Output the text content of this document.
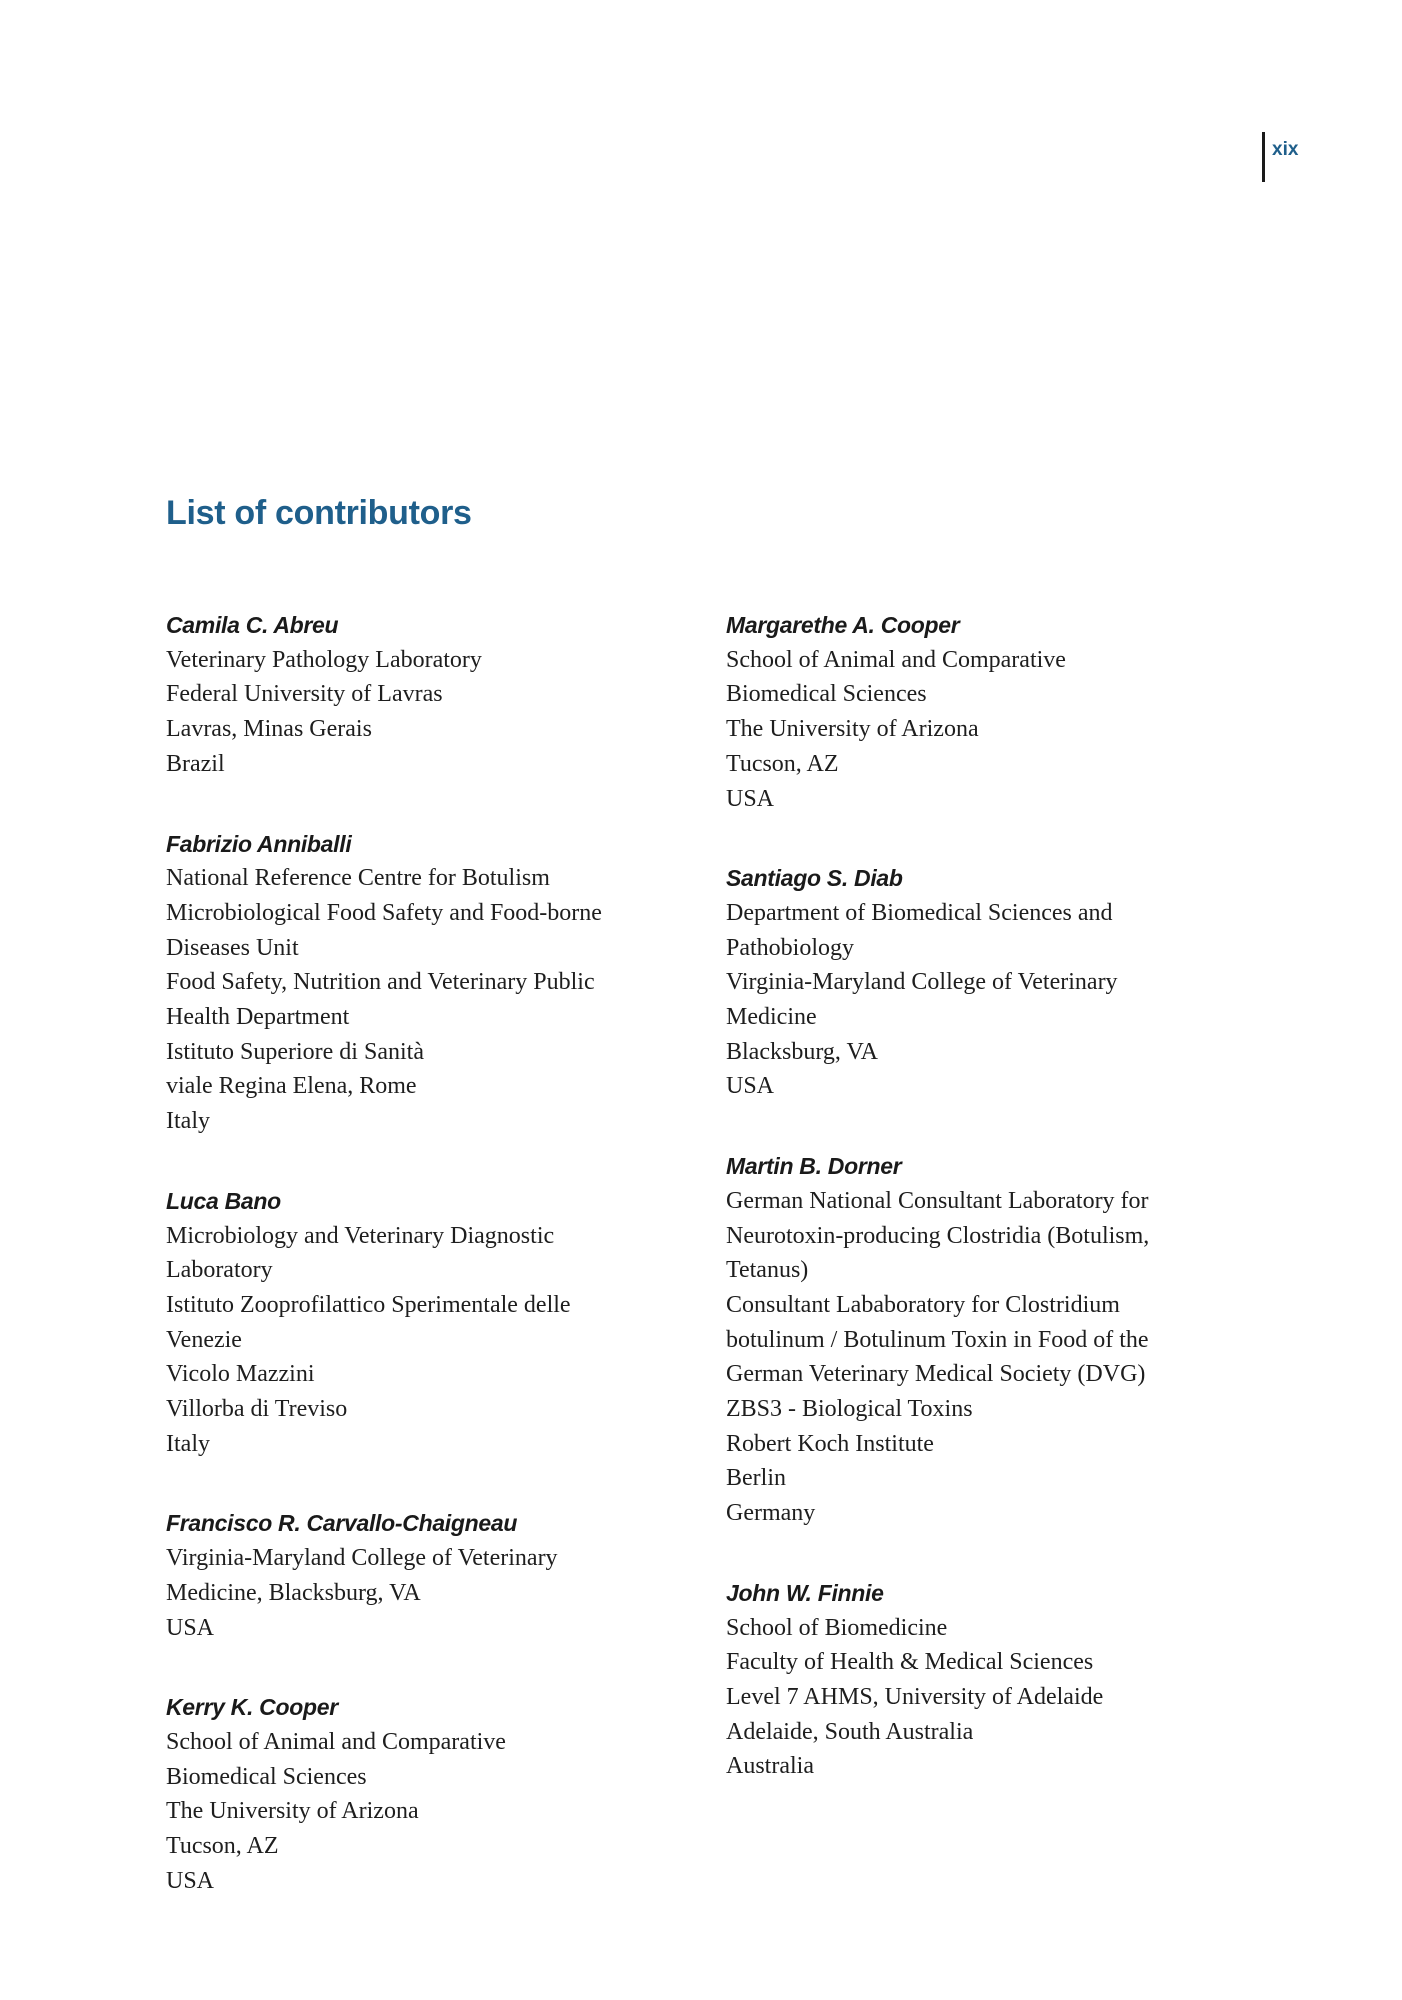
xix
List of contributors
Camila C. Abreu
Veterinary Pathology Laboratory
Federal University of Lavras
Lavras, Minas Gerais
Brazil
Fabrizio Anniballi
National Reference Centre for Botulism
Microbiological Food Safety and Food-borne
Diseases Unit
Food Safety, Nutrition and Veterinary Public
Health Department
Istituto Superiore di Sanità
viale Regina Elena, Rome
Italy
Luca Bano
Microbiology and Veterinary Diagnostic
Laboratory
Istituto Zooprofilattico Sperimentale delle
Venezie
Vicolo Mazzini
Villorba di Treviso
Italy
Francisco R. Carvallo-Chaigneau
Virginia-Maryland College of Veterinary
Medicine, Blacksburg, VA
USA
Kerry K. Cooper
School of Animal and Comparative
Biomedical Sciences
The University of Arizona
Tucson, AZ
USA
Margarethe A. Cooper
School of Animal and Comparative
Biomedical Sciences
The University of Arizona
Tucson, AZ
USA
Santiago S. Diab
Department of Biomedical Sciences and
Pathobiology
Virginia-Maryland College of Veterinary
Medicine
Blacksburg, VA
USA
Martin B. Dorner
German National Consultant Laboratory for
Neurotoxin-producing Clostridia (Botulism,
Tetanus)
Consultant Lababoratory for Clostridium
botulinum / Botulinum Toxin in Food of the
German Veterinary Medical Society (DVG)
ZBS3 - Biological Toxins
Robert Koch Institute
Berlin
Germany
John W. Finnie
School of Biomedicine
Faculty of Health & Medical Sciences
Level 7 AHMS, University of Adelaide
Adelaide, South Australia
Australia
